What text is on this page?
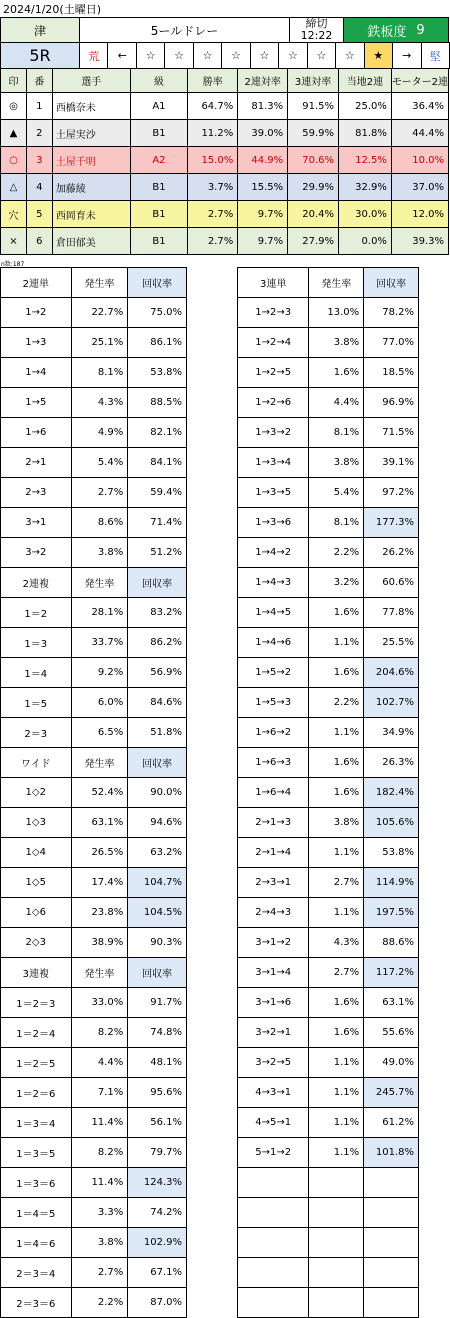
2024/1/20(土曜日)
津
5R
5ールドレー	締切
12:22	鉄板度 9
荒	←	☆	☆	☆	☆	☆	☆	☆	☆	★	→	堅
印	番	選手	級	勝率	2連対率	3連対率	当地2連	モーター2連
◎	1	西橋奈未	A1	64.7%	81.3%	91.5%	25.0%	36.4%
▲	2	土屋実沙	B1	11.2%	39.0%	59.9%	81.8%	44.4%
○	3	土屋千明	A2	15.0%	44.9%	70.6%	12.5%	10.0%
△	4	加藤綾	B1	3.7%	15.5%	29.9%	32.9%	37.0%
穴	5	西岡育未	B1	2.7%	9.7%	20.4%	30.0%	12.0%
×	6	倉田郁美	B1	2.7%	9.7%	27.9%	0.0%	39.3%
n数:187
2連単	発生率	回収率
1→2	22.7%	75.0%
1→3	25.1%	86.1%
1→4	8.1%	53.8%
1→5	4.3%	88.5%
1→6	4.9%	82.1%
2→1	5.4%	84.1%
2→3	2.7%	59.4%
3→1	8.6%	71.4%
3→2	3.8%	51.2%
2連複	発生率	回収率
1＝2	28.1%	83.2%
1＝3	33.7%	86.2%
1＝4	9.2%	56.9%
1＝5	6.0%	84.6%
2＝3	6.5%	51.8%
ワイド	発生率	回収率
1◇2	52.4%	90.0%
1◇3	63.1%	94.6%
1◇4	26.5%	63.2%
1◇5	17.4%	104.7%
1◇6	23.8%	104.5%
2◇3	38.9%	90.3%
3連複	発生率	回収率
1＝2＝3	33.0%	91.7%
1＝2＝4	8.2%	74.8%
1＝2＝5	4.4%	48.1%
1＝2＝6	7.1%	95.6%
1＝3＝4	11.4%	56.1%
1＝3＝5	8.2%	79.7%
1＝3＝6	11.4%	124.3%
1＝4＝5	3.3%	74.2%
1＝4＝6	3.8%	102.9%
2＝3＝4	2.7%	67.1%
2＝3＝6	2.2%	87.0%
3連単	発生率	回収率
1→2→3	13.0%	78.2%
1→2→4	3.8%	77.0%
1→2→5	1.6%	18.5%
1→2→6	4.4%	96.9%
1→3→2	8.1%	71.5%
1→3→4	3.8%	39.1%
1→3→5	5.4%	97.2%
1→3→6	8.1%	177.3%
1→4→2	2.2%	26.2%
1→4→3	3.2%	60.6%
1→4→5	1.6%	77.8%
1→4→6	1.1%	25.5%
1→5→2	1.6%	204.6%
1→5→3	2.2%	102.7%
1→6→2	1.1%	34.9%
1→6→3	1.6%	26.3%
1→6→4	1.6%	182.4%
2→1→3	3.8%	105.6%
2→1→4	1.1%	53.8%
2→3→1	2.7%	114.9%
2→4→3	1.1%	197.5%
3→1→2	4.3%	88.6%
3→1→4	2.7%	117.2%
3→1→6	1.6%	63.1%
3→2→1	1.6%	55.6%
3→2→5	1.1%	49.0%
4→3→1	1.1%	245.7%
4→5→1	1.1%	61.2%
5→1→2	1.1%	101.8%
